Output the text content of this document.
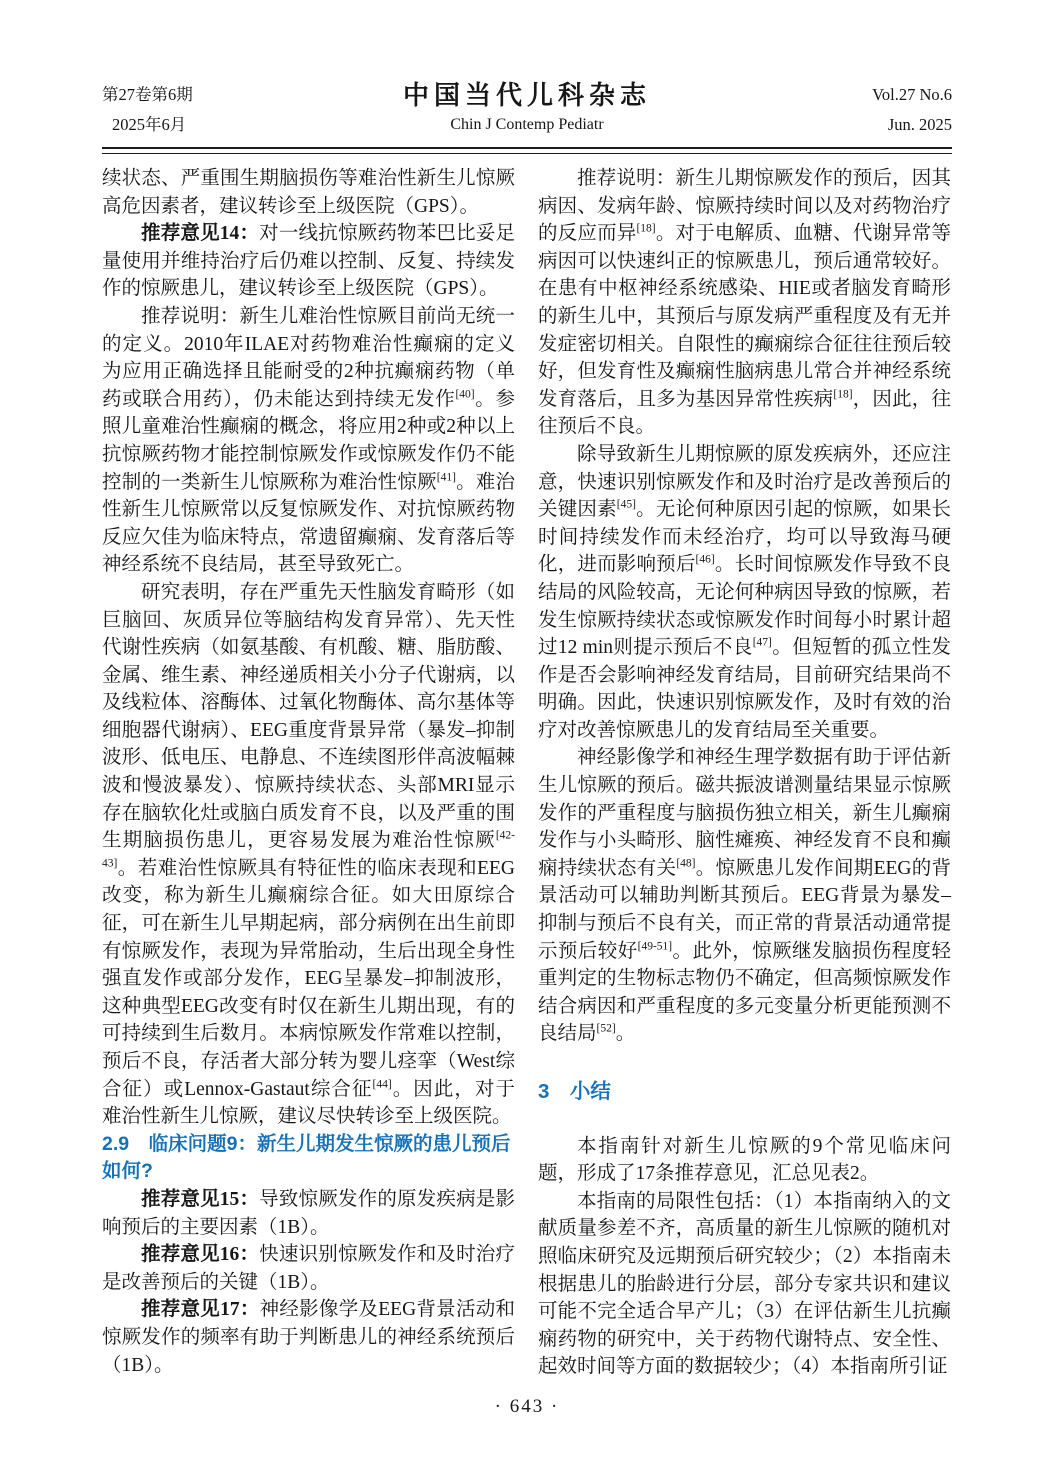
第27卷第6期
2025年6月
中国当代儿科杂志
Chin J Contemp Pediatr
Vol.27 No.6
Jun. 2025

续状态、严重围生期脑损伤等难治性新生儿惊厥高危因素者，建议转诊至上级医院（GPS）。

推荐意见14：对一线抗惊厥药物苯巴比妥足量使用并维持治疗后仍难以控制、反复、持续发作的惊厥患儿，建议转诊至上级医院（GPS）。

推荐说明：新生儿难治性惊厥目前尚无统一的定义。2010年ILAE对药物难治性癫痫的定义为应用正确选择且能耐受的2种抗癫痫药物（单药或联合用药），仍未能达到持续无发作[40]。参照儿童难治性癫痫的概念，将应用2种或2种以上抗惊厥药物才能控制惊厥发作或惊厥发作仍不能控制的一类新生儿惊厥称为难治性惊厥[41]。难治性新生儿惊厥常以反复惊厥发作、对抗惊厥药物反应欠佳为临床特点，常遗留癫痫、发育落后等神经系统不良结局，甚至导致死亡。

研究表明，存在严重先天性脑发育畸形（如巨脑回、灰质异位等脑结构发育异常）、先天性代谢性疾病（如氨基酸、有机酸、糖、脂肪酸、金属、维生素、神经递质相关小分子代谢病，以及线粒体、溶酶体、过氧化物酶体、高尔基体等细胞器代谢病）、EEG重度背景异常（暴发–抑制波形、低电压、电静息、不连续图形伴高波幅棘波和慢波暴发）、惊厥持续状态、头部MRI显示存在脑软化灶或脑白质发育不良，以及严重的围生期脑损伤患儿，更容易发展为难治性惊厥[42-43]。若难治性惊厥具有特征性的临床表现和EEG改变，称为新生儿癫痫综合征。如大田原综合征，可在新生儿早期起病，部分病例在出生前即有惊厥发作，表现为异常胎动，生后出现全身性强直发作或部分发作，EEG呈暴发–抑制波形，这种典型EEG改变有时仅在新生儿期出现，有的可持续到生后数月。本病惊厥发作常难以控制，预后不良，存活者大部分转为婴儿痉挛（West综合征）或Lennox-Gastaut综合征[44]。因此，对于难治性新生儿惊厥，建议尽快转诊至上级医院。

2.9　临床问题9：新生儿期发生惊厥的患儿预后如何?

推荐意见15：导致惊厥发作的原发疾病是影响预后的主要因素（1B）。

推荐意见16：快速识别惊厥发作和及时治疗是改善预后的关键（1B）。

推荐意见17：神经影像学及EEG背景活动和惊厥发作的频率有助于判断患儿的神经系统预后（1B）。

推荐说明：新生儿期惊厥发作的预后，因其病因、发病年龄、惊厥持续时间以及对药物治疗的反应而异[18]。对于电解质、血糖、代谢异常等病因可以快速纠正的惊厥患儿，预后通常较好。在患有中枢神经系统感染、HIE或者脑发育畸形的新生儿中，其预后与原发病严重程度及有无并发症密切相关。自限性的癫痫综合征往往预后较好，但发育性及癫痫性脑病患儿常合并神经系统发育落后，且多为基因异常性疾病[18]，因此，往往预后不良。

除导致新生儿期惊厥的原发疾病外，还应注意，快速识别惊厥发作和及时治疗是改善预后的关键因素[45]。无论何种原因引起的惊厥，如果长时间持续发作而未经治疗，均可以导致海马硬化，进而影响预后[46]。长时间惊厥发作导致不良结局的风险较高，无论何种病因导致的惊厥，若发生惊厥持续状态或惊厥发作时间每小时累计超过12 min则提示预后不良[47]。但短暂的孤立性发作是否会影响神经发育结局，目前研究结果尚不明确。因此，快速识别惊厥发作，及时有效的治疗对改善惊厥患儿的发育结局至关重要。

神经影像学和神经生理学数据有助于评估新生儿惊厥的预后。磁共振波谱测量结果显示惊厥发作的严重程度与脑损伤独立相关，新生儿癫痫发作与小头畸形、脑性瘫痪、神经发育不良和癫痫持续状态有关[48]。惊厥患儿发作间期EEG的背景活动可以辅助判断其预后。EEG背景为暴发–抑制与预后不良有关，而正常的背景活动通常提示预后较好[49-51]。此外，惊厥继发脑损伤程度轻重判定的生物标志物仍不确定，但高频惊厥发作结合病因和严重程度的多元变量分析更能预测不良结局[52]。

3　小结

本指南针对新生儿惊厥的9个常见临床问题，形成了17条推荐意见，汇总见表2。

本指南的局限性包括：（1）本指南纳入的文献质量参差不齐，高质量的新生儿惊厥的随机对照临床研究及远期预后研究较少；（2）本指南未根据患儿的胎龄进行分层，部分专家共识和建议可能不完全适合早产儿；（3）在评估新生儿抗癫痫药物的研究中，关于药物代谢特点、安全性、起效时间等方面的数据较少；（4）本指南所引证

· 643 ·
